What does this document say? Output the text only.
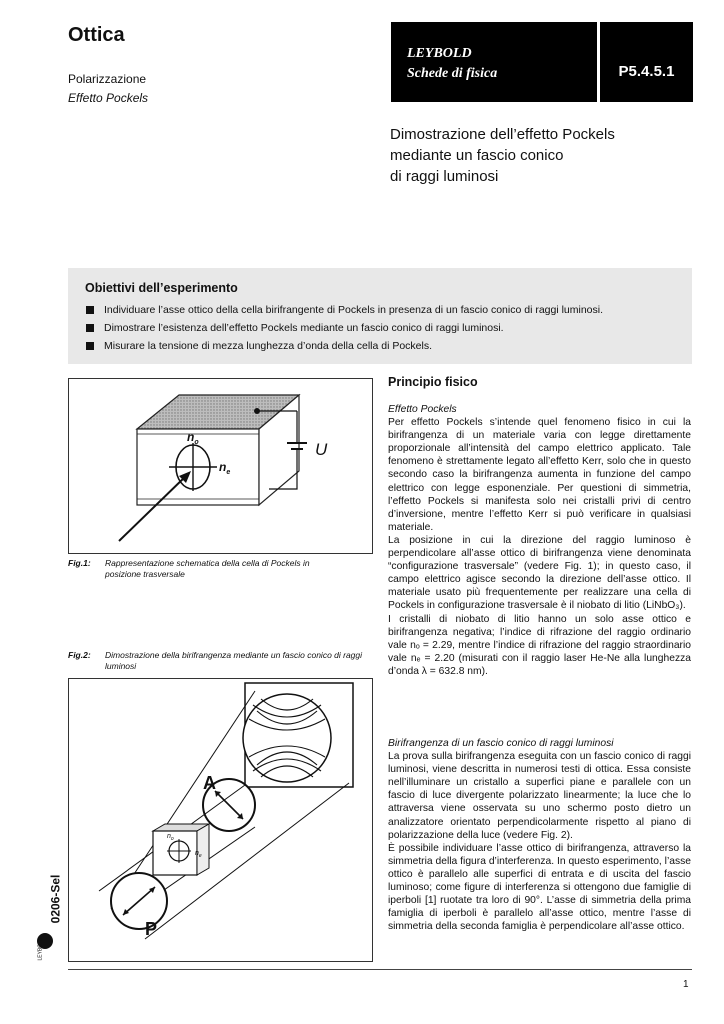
Ottica
Polarizzazione
Effetto Pockels
LEYBOLD
Schede di fisica	P5.4.5.1
Dimostrazione dell’effetto Pockels
mediante un fascio conico
di raggi luminosi
Obiettivi dell’esperimento
Individuare l’asse ottico della cella birifrangente di Pockels in presenza di un fascio conico di raggi luminosi.
Dimostrare l’esistenza dell’effetto Pockels mediante un fascio conico di raggi luminosi.
Misurare la tensione di mezza lunghezza d’onda della cella di Pockels.
U
$n_o$
$n_e$
Fig.1: Rappresentazione schematica della cella di Pockels in posizione trasversale
Fig.2: Dimostrazione della birifrangenza mediante un fascio conico di raggi luminosi
A
$n_o$
$n_e$
P
0206-Sel
LEYBOLD
Principio fisico

Effetto Pockels

Per effetto Pockels s’intende quel fenomeno fisico in cui la birifrangenza di un materiale varia con legge direttamente proporzionale all’intensità del campo elettrico applicato. Tale fenomeno è strettamente legato all’effetto Kerr, solo che in questo secondo caso la birifrangenza aumenta in funzione del campo elettrico con legge esponenziale. Per questioni di simmetria, l’effetto Pockels si manifesta solo nei cristalli privi di centro d’inversione, mentre l’effetto Kerr si può verificare in qualsiasi materiale.

La posizione in cui la direzione del raggio luminoso è perpendicolare all’asse ottico di birifrangenza viene denominata “configurazione trasversale” (vedere Fig. 1); in questo caso, il campo elettrico agisce secondo la direzione dell’asse ottico. Il materiale usato più frequentemente per realizzare una cella di Pockels in configurazione trasversale è il niobato di litio (LiNbO₃).

I cristalli di niobato di litio hanno un solo asse ottico e birifrangenza negativa; l’indice di rifrazione del raggio ordinario vale nₒ = 2.29, mentre l’indice di rifrazione del raggio straordinario vale nₑ = 2.20 (misurati con il raggio laser He-Ne alla lunghezza d’onda λ = 632.8 nm).

Birifrangenza di un fascio conico di raggi luminosi

La prova sulla birifrangenza eseguita con un fascio conico di raggi luminosi, viene descritta in numerosi testi di ottica. Essa consiste nell’illuminare un cristallo a superfici piane e parallele con un fascio di luce divergente polarizzato linearmente; la luce che lo attraversa viene osservata su uno schermo posto dietro un analizzatore orientato perpendicolarmente rispetto al piano di polarizzazione della luce (vedere Fig. 2).

È possibile individuare l’asse ottico di birifrangenza, attraverso la simmetria della figura d’interferenza. In questo esperimento, l’asse ottico è parallelo alle superfici di entrata e di uscita del fascio luminoso; come figure di interferenza si ottengono due famiglie di iperboli [1] ruotate tra loro di 90°. L’asse di simmetria della prima famiglia di iperboli è parallelo all’asse ottico, mentre l’asse di simmetria della seconda famiglia è perpendicolare all’asse ottico.

1
